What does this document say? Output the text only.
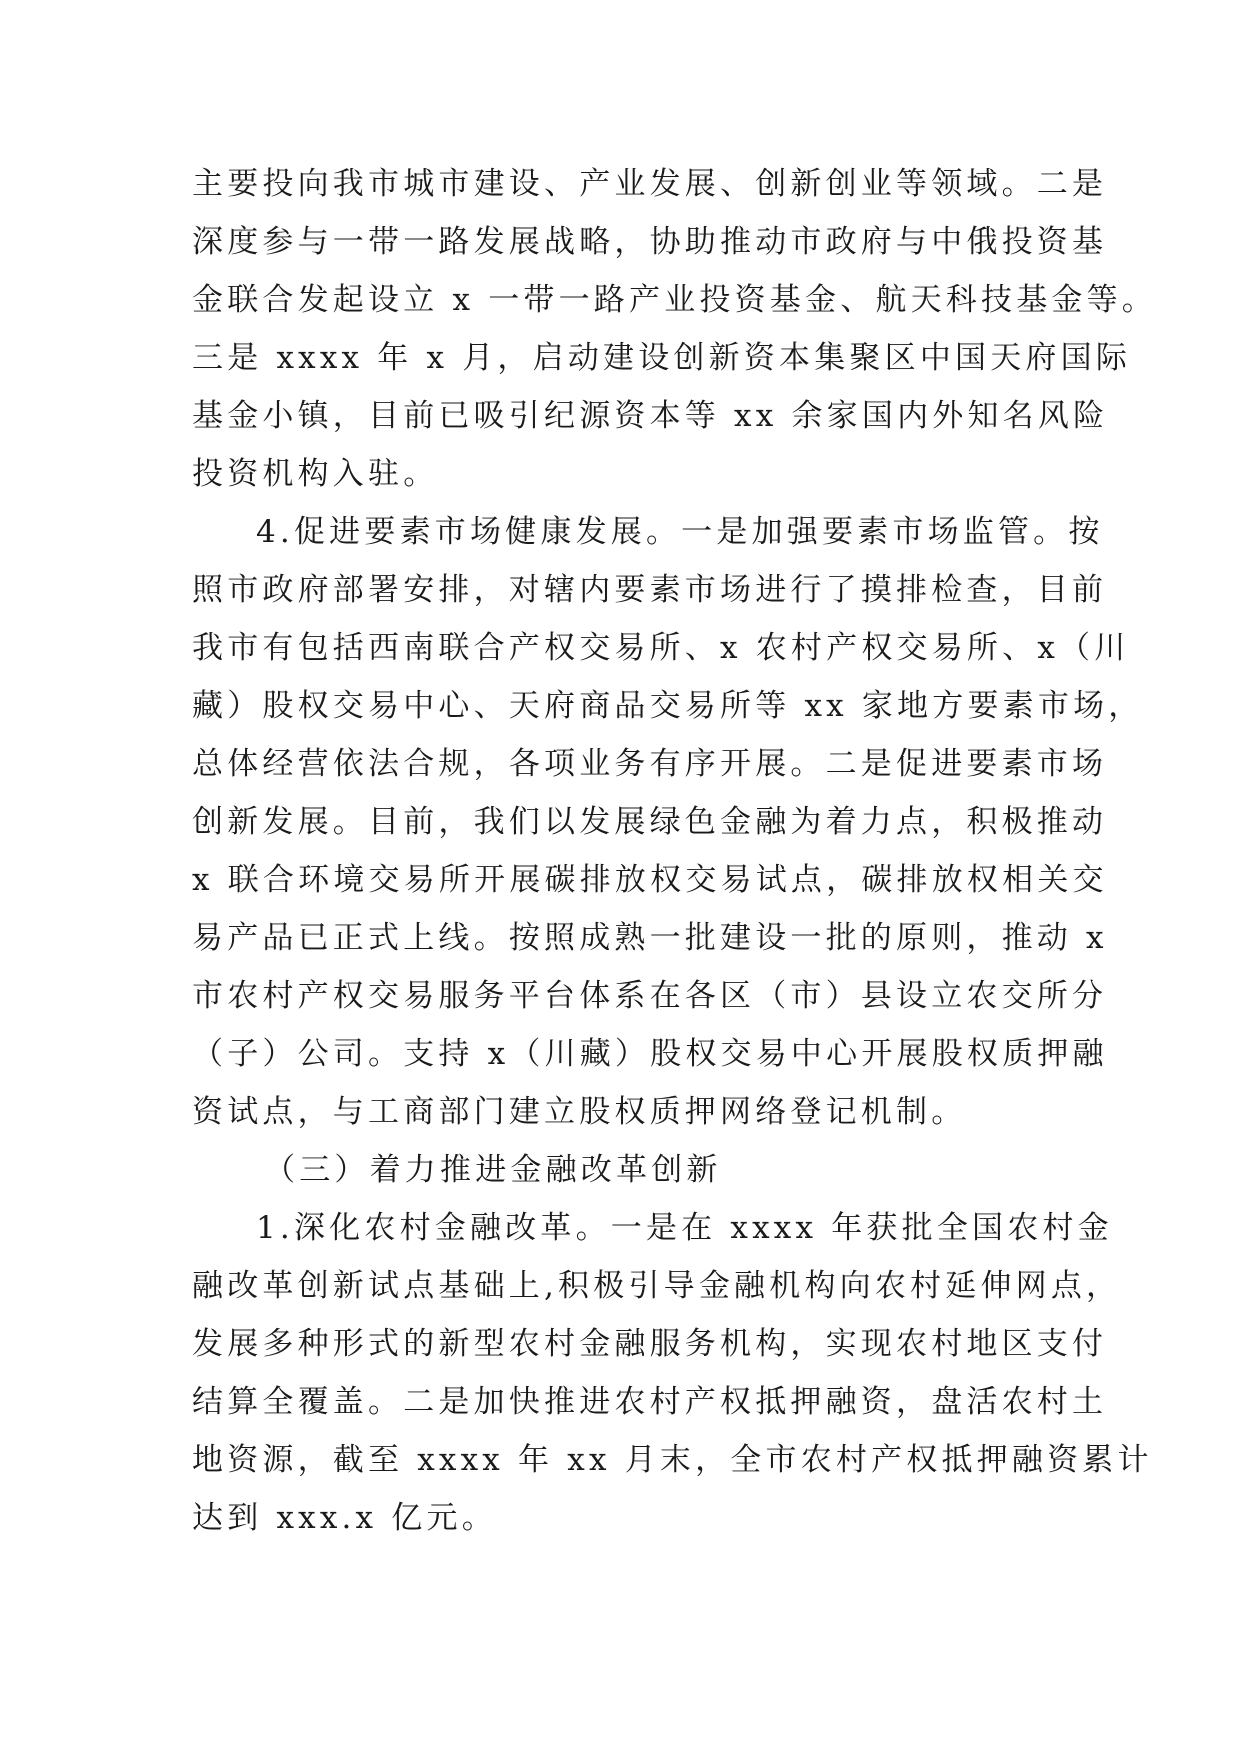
主要投向我市城市建设、产业发展、创新创业等领域。二是
深度参与一带一路发展战略，协助推动市政府与中俄投资基
金联合发起设立 x 一带一路产业投资基金、航天科技基金等。
三是 xxxx 年 x 月，启动建设创新资本集聚区中国天府国际
基金小镇，目前已吸引纪源资本等 xx 余家国内外知名风险
投资机构入驻。
4.促进要素市场健康发展。一是加强要素市场监管。按
照市政府部署安排，对辖内要素市场进行了摸排检查，目前
我市有包括西南联合产权交易所、x 农村产权交易所、x（川
藏）股权交易中心、天府商品交易所等 xx 家地方要素市场，
总体经营依法合规，各项业务有序开展。二是促进要素市场
创新发展。目前，我们以发展绿色金融为着力点，积极推动
x 联合环境交易所开展碳排放权交易试点，碳排放权相关交
易产品已正式上线。按照成熟一批建设一批的原则，推动 x
市农村产权交易服务平台体系在各区（市）县设立农交所分
（子）公司。支持 x（川藏）股权交易中心开展股权质押融
资试点，与工商部门建立股权质押网络登记机制。
（三）着力推进金融改革创新
1.深化农村金融改革。一是在 xxxx 年获批全国农村金
融改革创新试点基础上,积极引导金融机构向农村延伸网点，
发展多种形式的新型农村金融服务机构，实现农村地区支付
结算全覆盖。二是加快推进农村产权抵押融资，盘活农村土
地资源，截至 xxxx 年 xx 月末，全市农村产权抵押融资累计
达到 xxx.x 亿元。
